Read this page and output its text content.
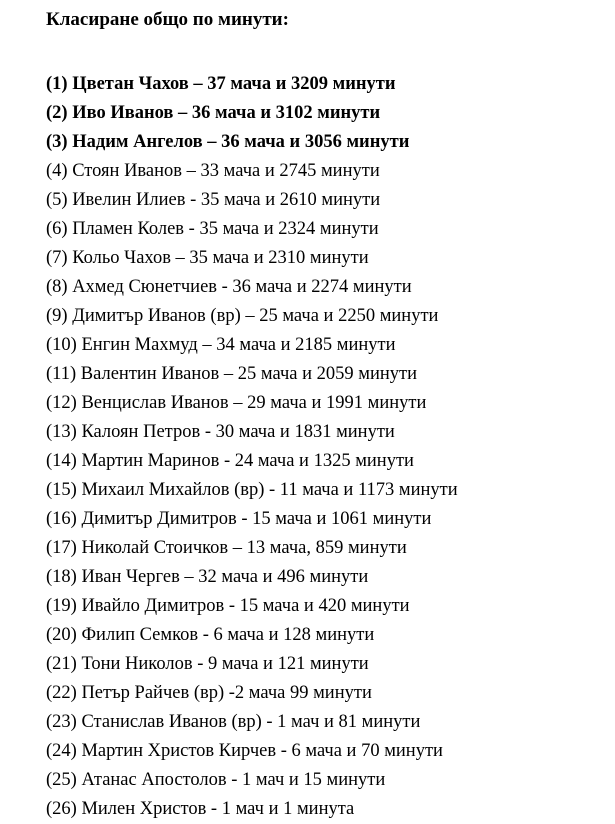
Класиране общо по минути:
(1) Цветан Чахов – 37 мача и 3209 минути
(2) Иво Иванов – 36 мача и 3102 минути
(3) Надим Ангелов – 36 мача и 3056 минути
(4) Стоян Иванов – 33 мача и 2745 минути
(5) Ивелин Илиев - 35 мача и 2610 минути
(6) Пламен Колев - 35 мача и 2324 минути
(7) Кольо Чахов – 35 мача и 2310 минути
(8) Ахмед Сюнетчиев - 36 мача и 2274 минути
(9) Димитър Иванов (вр) – 25 мача и 2250 минути
(10) Енгин Махмуд – 34 мача и 2185 минути
(11) Валентин Иванов – 25 мача и 2059 минути
(12) Венцислав Иванов – 29 мача и 1991 минути
(13) Калоян Петров - 30 мача и 1831 минути
(14) Мартин Маринов - 24 мача и 1325 минути
(15) Михаил Михайлов (вр) - 11 мача и 1173 минути
(16) Димитър Димитров - 15 мача и 1061 минути
(17) Николай Стоичков – 13 мача, 859 минути
(18) Иван Чергев – 32 мача и 496 минути
(19) Ивайло Димитров - 15 мача и 420 минути
(20) Филип Семков - 6 мача и 128 минути
(21) Тони Николов - 9 мача и 121 минути
(22) Петър Райчев (вр) -2 мача 99 минути
(23) Станислав Иванов (вр) - 1 мач и 81 минути
(24) Мартин Христов Кирчев - 6 мача и 70 минути
(25) Атанас Апостолов - 1 мач и 15 минути
(26) Милен Христов - 1 мач и 1 минута
